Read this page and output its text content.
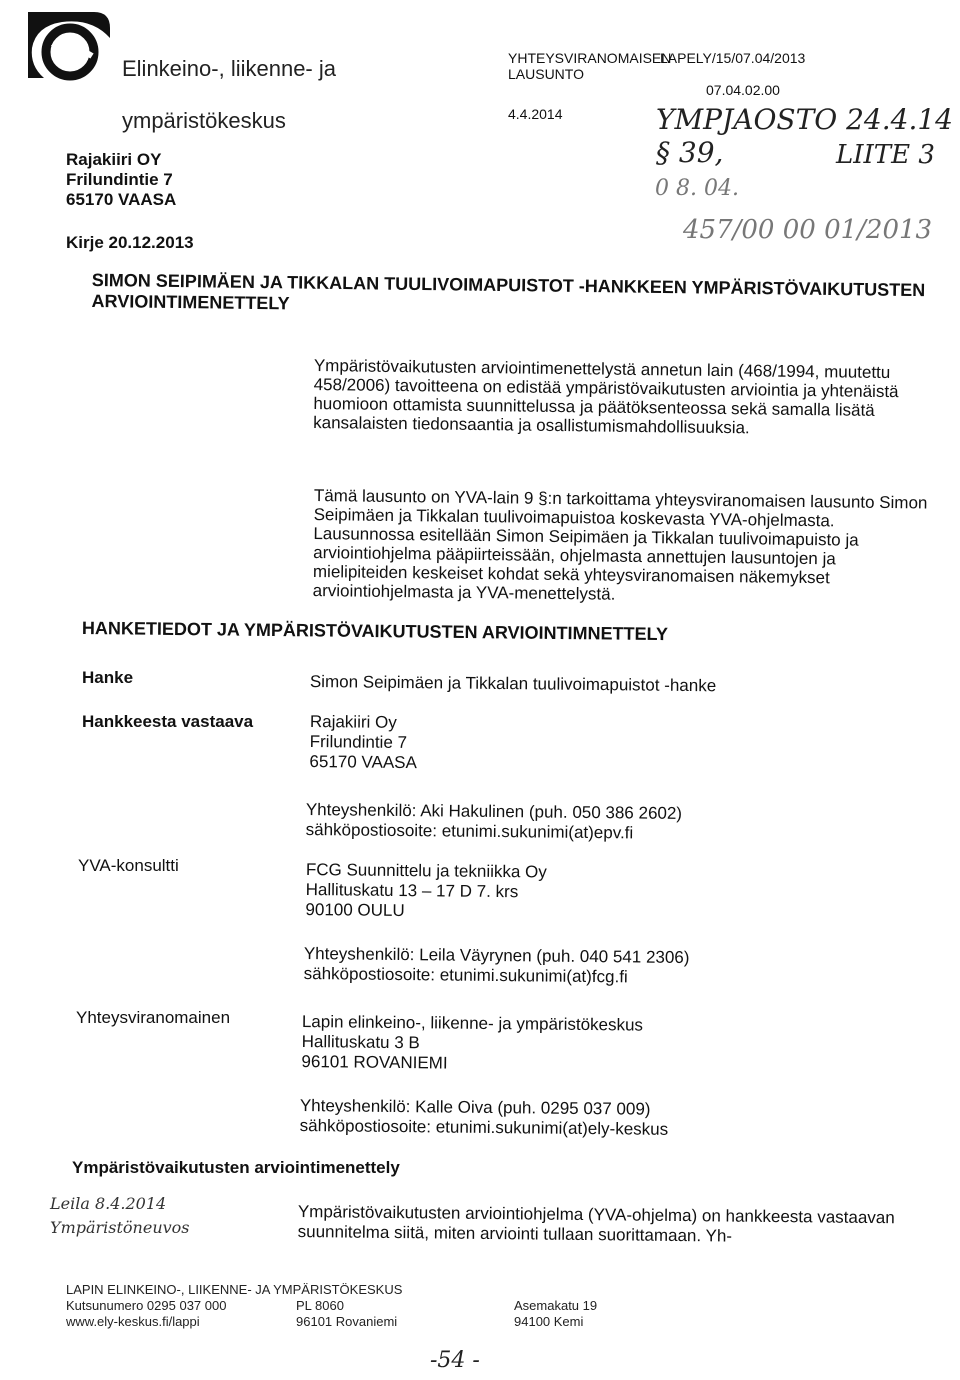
Elinkeino-, liikenne- ja

ympäristökeskus

Rajakiiri OY
Frilundintie 7
65170 VAASA
Kirje 20.12.2013
YHTEYSVIRANOMAISEN
LAUSUNTO
LAPELY/15/07.04/2013
07.04.02.00
4.4.2014	YMPJAOSTO 24.4.14 § 39,	LIITE 3
0 8. 04.
457/00 00 01/2013
SIMON SEIPIMÄEN JA TIKKALAN TUULIVOIMAPUISTOT -HANKKEEN YMPÄRISTÖVAIKUTUSTEN ARVIOINTIMENETTELY
Ympäristövaikutusten arviointimenettelystä annetun lain (468/1994, muutettu 458/2006) tavoitteena on edistää ympäristövaikutusten arviointia ja yhtenäistä huomioon ottamista suunnittelussa ja päätöksenteossa sekä samalla lisätä kansalaisten tiedonsaantia ja osallistumismahdollisuuksia.
Tämä lausunto on YVA-lain 9 §:n tarkoittama yhteysviranomaisen lausunto Simon Seipimäen ja Tikkalan tuulivoimapuistoa koskevasta YVA-ohjelmasta. Lausunnossa esitellään Simon Seipimäen ja Tikkalan tuulivoimapuisto ja arviointiohjelma pääpiirteissään, ohjelmasta annettujen lausuntojen ja mielipiteiden keskeiset kohdat sekä yhteysviranomaisen näkemykset arviointiohjelmasta ja YVA-menettelystä.
HANKETIEDOT JA YMPÄRISTÖVAIKUTUSTEN ARVIOINTIMNETTELY
Hanke	Simon Seipimäen ja Tikkalan tuulivoimapuistot -hanke
Hankkeesta vastaava	Rajakiiri Oy
Frilundintie 7
65170 VAASA
Yhteyshenkilö: Aki Hakulinen (puh. 050 386 2602)
sähköpostiosoite: etunimi.sukunimi(at)epv.fi
YVA-konsultti	FCG Suunnittelu ja tekniikka Oy
Hallituskatu 13 – 17 D 7. krs
90100 OULU
Yhteyshenkilö: Leila Väyrynen (puh. 040 541 2306)
sähköpostiosoite: etunimi.sukunimi(at)fcg.fi
Yhteysviranomainen	Lapin elinkeino-, liikenne- ja ympäristökeskus
Hallituskatu 3 B
96101 ROVANIEMI
Yhteyshenkilö: Kalle Oiva (puh. 0295 037 009)
sähköpostiosoite: etunimi.sukunimi(at)ely-keskus
Ympäristövaikutusten arviointimenettely
Ympäristövaikutusten arviointiohjelma (YVA-ohjelma) on hankkeesta vastaavan suunnitelma siitä, miten arviointi tullaan suorittamaan. Yh-
Leila 8.4.2014
Ympäristöneuvos
LAPIN ELINKEINO-, LIIKENNE- JA YMPÄRISTÖKESKUS
Kutsunumero 0295 037 000
www.ely-keskus.fi/lappi
PL 8060
96101 Rovaniemi
Asemakatu 19
94100 Kemi
-54 -
